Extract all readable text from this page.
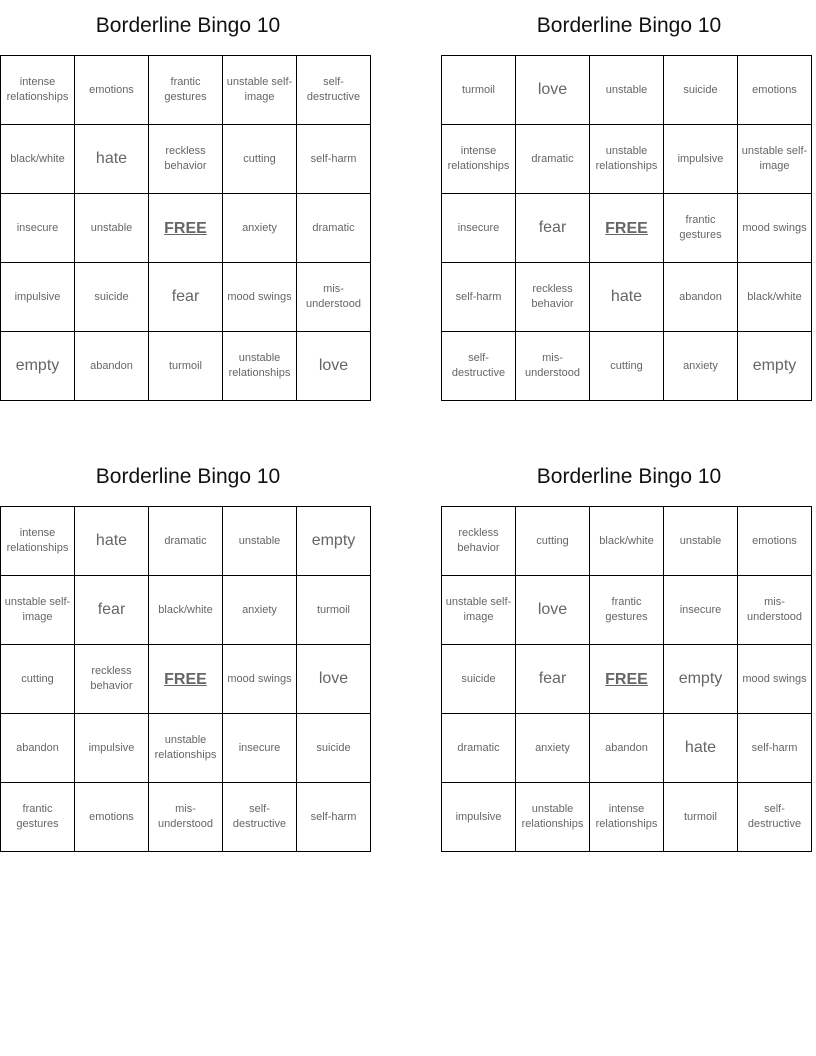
Borderline Bingo 10
intense relationships	emotions	frantic gestures	unstable self-image	self-destructive
black/white	hate	reckless behavior	cutting	self-harm
insecure	unstable	FREE	anxiety	dramatic
impulsive	suicide	fear	mood swings	mis-understood
empty	abandon	turmoil	unstable relationships	love
Borderline Bingo 10
turmoil	love	unstable	suicide	emotions
intense relationships	dramatic	unstable relationships	impulsive	unstable self-image
insecure	fear	FREE	frantic gestures	mood swings
self-harm	reckless behavior	hate	abandon	black/white
self-destructive	mis-understood	cutting	anxiety	empty
Borderline Bingo 10
intense relationships	hate	dramatic	unstable	empty
unstable self-image	fear	black/white	anxiety	turmoil
cutting	reckless behavior	FREE	mood swings	love
abandon	impulsive	unstable relationships	insecure	suicide
frantic gestures	emotions	mis-understood	self-destructive	self-harm
Borderline Bingo 10
reckless behavior	cutting	black/white	unstable	emotions
unstable self-image	love	frantic gestures	insecure	mis-understood
suicide	fear	FREE	empty	mood swings
dramatic	anxiety	abandon	hate	self-harm
impulsive	unstable relationships	intense relationships	turmoil	self-destructive
